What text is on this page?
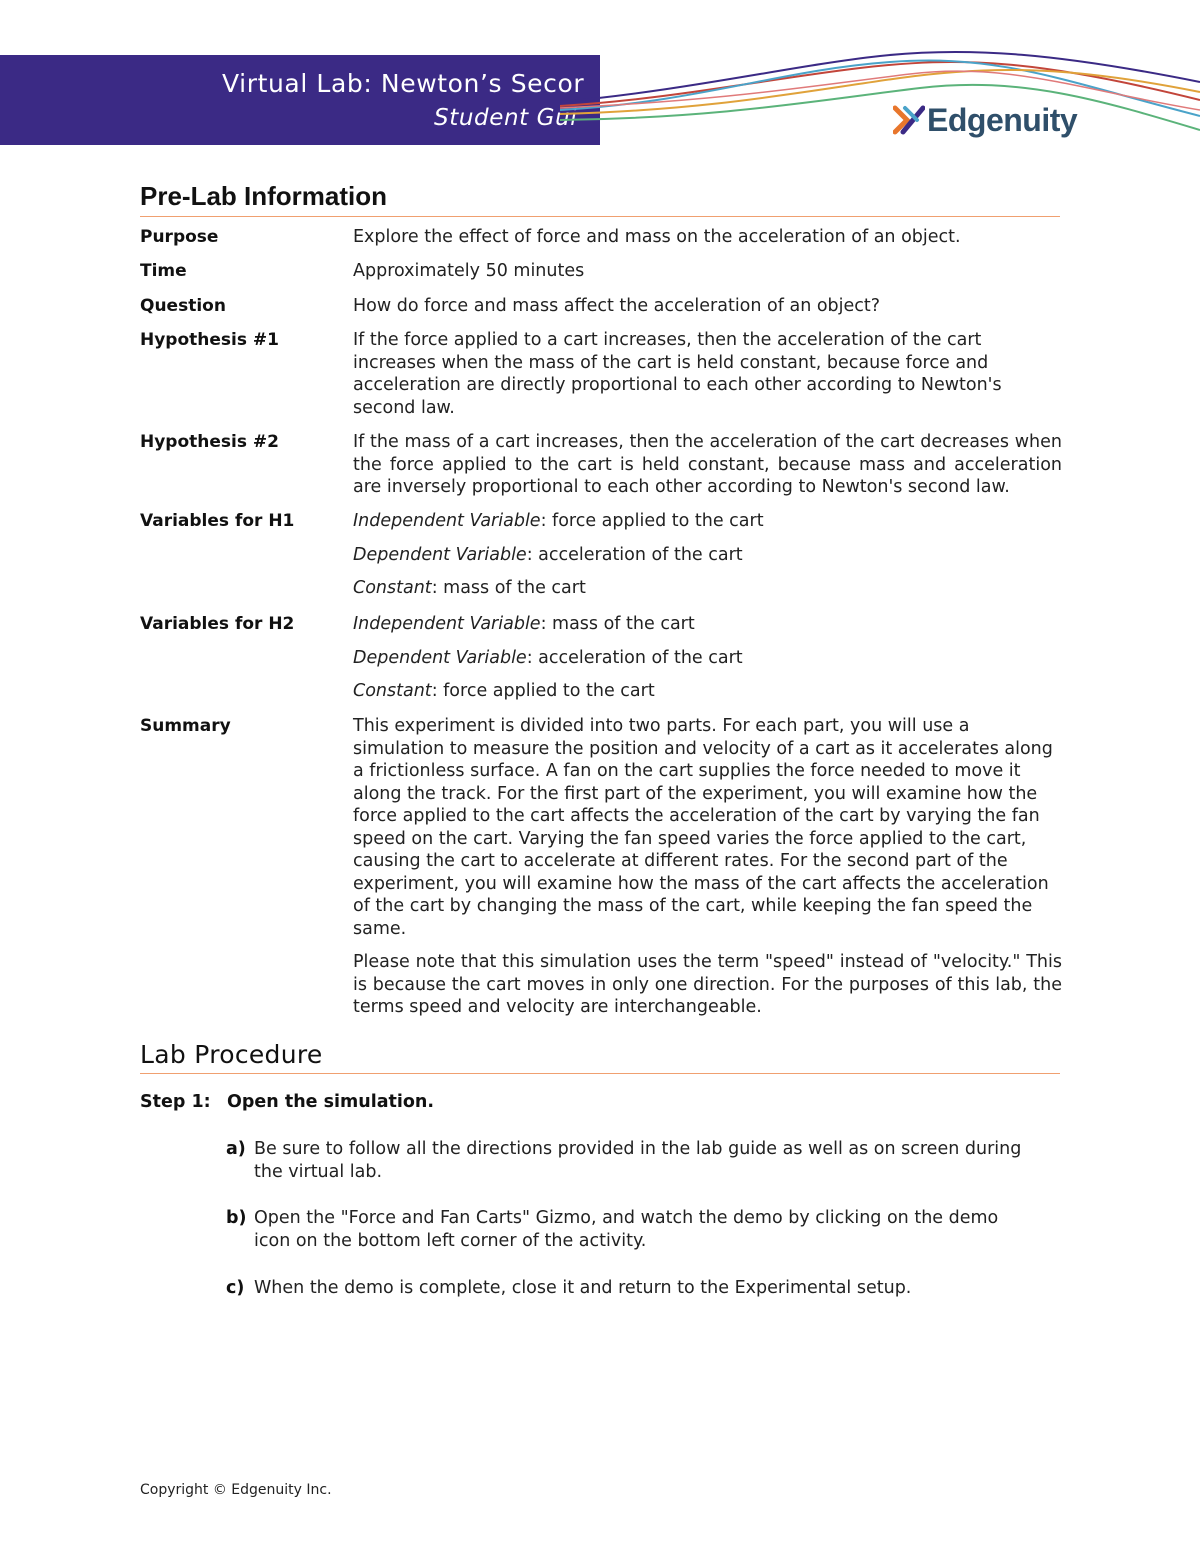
Virtual Lab: Newton’s Secor
Student Gui	Edgenuity
Pre-Lab Information
Purpose	Explore the effect of force and mass on the acceleration of an object.
Time	Approximately 50 minutes
Question	How do force and mass affect the acceleration of an object?
Hypothesis #1	If the force applied to a cart increases, then the acceleration of the cart increases when the mass of the cart is held constant, because force and acceleration are directly proportional to each other according to Newton's second law.
Hypothesis #2	If the mass of a cart increases, then the acceleration of the cart decreases when the force applied to the cart is held constant, because mass and acceleration are inversely proportional to each other according to Newton's second law.
Variables for H1	Independent Variable: force applied to the cart

Dependent Variable: acceleration of the cart

Constant: mass of the cart

Variables for H2	Independent Variable: mass of the cart

Dependent Variable: acceleration of the cart

Constant: force applied to the cart

Summary	This experiment is divided into two parts. For each part, you will use a simulation to measure the position and velocity of a cart as it accelerates along a frictionless surface. A fan on the cart supplies the force needed to move it along the track. For the first part of the experiment, you will examine how the force applied to the cart affects the acceleration of the cart by varying the fan speed on the cart. Varying the fan speed varies the force applied to the cart, causing the cart to accelerate at different rates. For the second part of the experiment, you will examine how the mass of the cart affects the acceleration of the cart by changing the mass of the cart, while keeping the fan speed the same.

Please note that this simulation uses the term "speed" instead of "velocity." This is because the cart moves in only one direction. For the purposes of this lab, the terms speed and velocity are interchangeable.

Lab Procedure
Step 1: Open the simulation.
a) Be sure to follow all the directions provided in the lab guide as well as on screen during the virtual lab.
b) Open the "Force and Fan Carts" Gizmo, and watch the demo by clicking on the demo icon on the bottom left corner of the activity.
c) When the demo is complete, close it and return to the Experimental setup.
Copyright © Edgenuity Inc.
